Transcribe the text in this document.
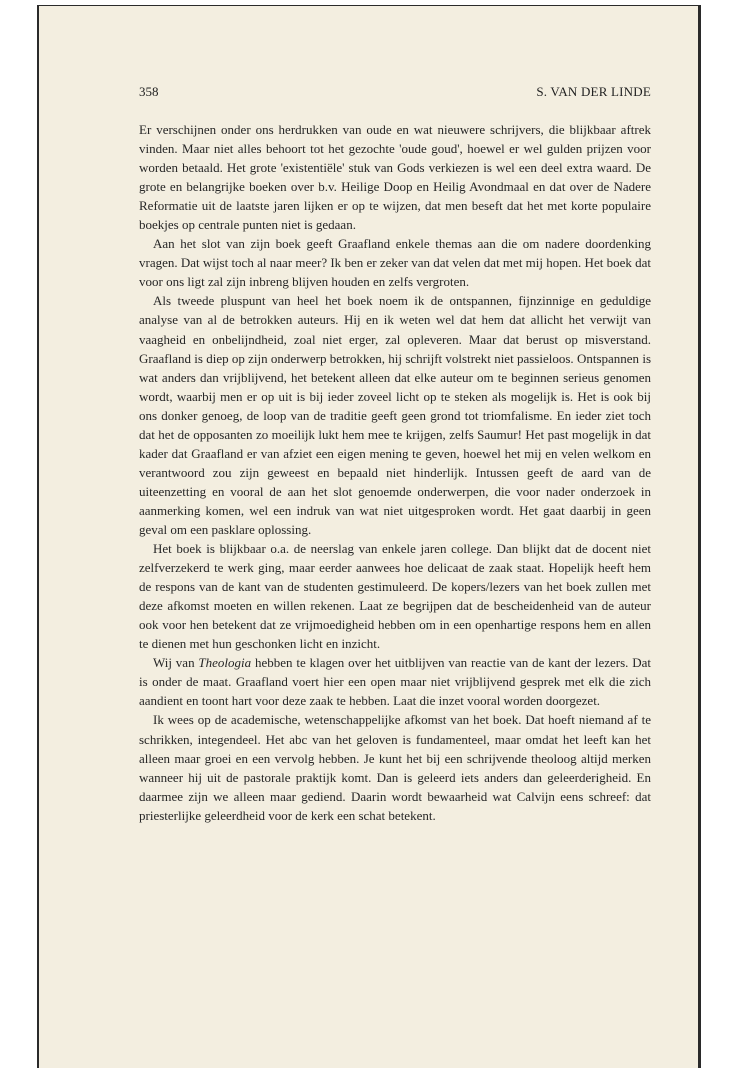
358	S. VAN DER LINDE

Er verschijnen onder ons herdrukken van oude en wat nieuwere schrijvers, die blijkbaar aftrek vinden. Maar niet alles behoort tot het gezochte 'oude goud', hoewel er wel gulden prijzen voor worden betaald. Het grote 'existentiële' stuk van Gods verkiezen is wel een deel extra waard. De grote en belangrijke boeken over b.v. Heilige Doop en Heilig Avondmaal en dat over de Nadere Reformatie uit de laatste jaren lijken er op te wijzen, dat men beseft dat het met korte populaire boekjes op centrale punten niet is gedaan.

Aan het slot van zijn boek geeft Graafland enkele themas aan die om nadere doordenking vragen. Dat wijst toch al naar meer? Ik ben er zeker van dat velen dat met mij hopen. Het boek dat voor ons ligt zal zijn inbreng blijven houden en zelfs vergroten.

Als tweede pluspunt van heel het boek noem ik de ontspannen, fijnzinnige en geduldige analyse van al de betrokken auteurs. Hij en ik weten wel dat hem dat allicht het verwijt van vaagheid en onbelijndheid, zoal niet erger, zal opleveren. Maar dat berust op misverstand. Graafland is diep op zijn onderwerp betrokken, hij schrijft volstrekt niet passieloos. Ontspannen is wat anders dan vrijblijvend, het betekent alleen dat elke auteur om te beginnen serieus genomen wordt, waarbij men er op uit is bij ieder zoveel licht op te steken als mogelijk is. Het is ook bij ons donker genoeg, de loop van de traditie geeft geen grond tot triomfalisme. En ieder ziet toch dat het de opposanten zo moeilijk lukt hem mee te krijgen, zelfs Saumur! Het past mogelijk in dat kader dat Graafland er van afziet een eigen mening te geven, hoewel het mij en velen welkom en verantwoord zou zijn geweest en bepaald niet hinderlijk. Intussen geeft de aard van de uiteenzetting en vooral de aan het slot genoemde onderwerpen, die voor nader onderzoek in aanmerking komen, wel een indruk van wat niet uitgesproken wordt. Het gaat daarbij in geen geval om een pasklare oplossing.

Het boek is blijkbaar o.a. de neerslag van enkele jaren college. Dan blijkt dat de docent niet zelfverzekerd te werk ging, maar eerder aanwees hoe delicaat de zaak staat. Hopelijk heeft hem de respons van de kant van de studenten gestimuleerd. De kopers/lezers van het boek zullen met deze afkomst moeten en willen rekenen. Laat ze begrijpen dat de bescheidenheid van de auteur ook voor hen betekent dat ze vrijmoedigheid hebben om in een openhartige respons hem en allen te dienen met hun geschonken licht en inzicht.

Wij van Theologia hebben te klagen over het uitblijven van reactie van de kant der lezers. Dat is onder de maat. Graafland voert hier een open maar niet vrijblijvend gesprek met elk die zich aandient en toont hart voor deze zaak te hebben. Laat die inzet vooral worden doorgezet.

Ik wees op de academische, wetenschappelijke afkomst van het boek. Dat hoeft niemand af te schrikken, integendeel. Het abc van het geloven is fundamenteel, maar omdat het leeft kan het alleen maar groei en een vervolg hebben. Je kunt het bij een schrijvende theoloog altijd merken wanneer hij uit de pastorale praktijk komt. Dan is geleerd iets anders dan geleerderigheid. En daarmee zijn we alleen maar gediend. Daarin wordt bewaarheid wat Calvijn eens schreef: dat priesterlijke geleerdheid voor de kerk een schat betekent.
